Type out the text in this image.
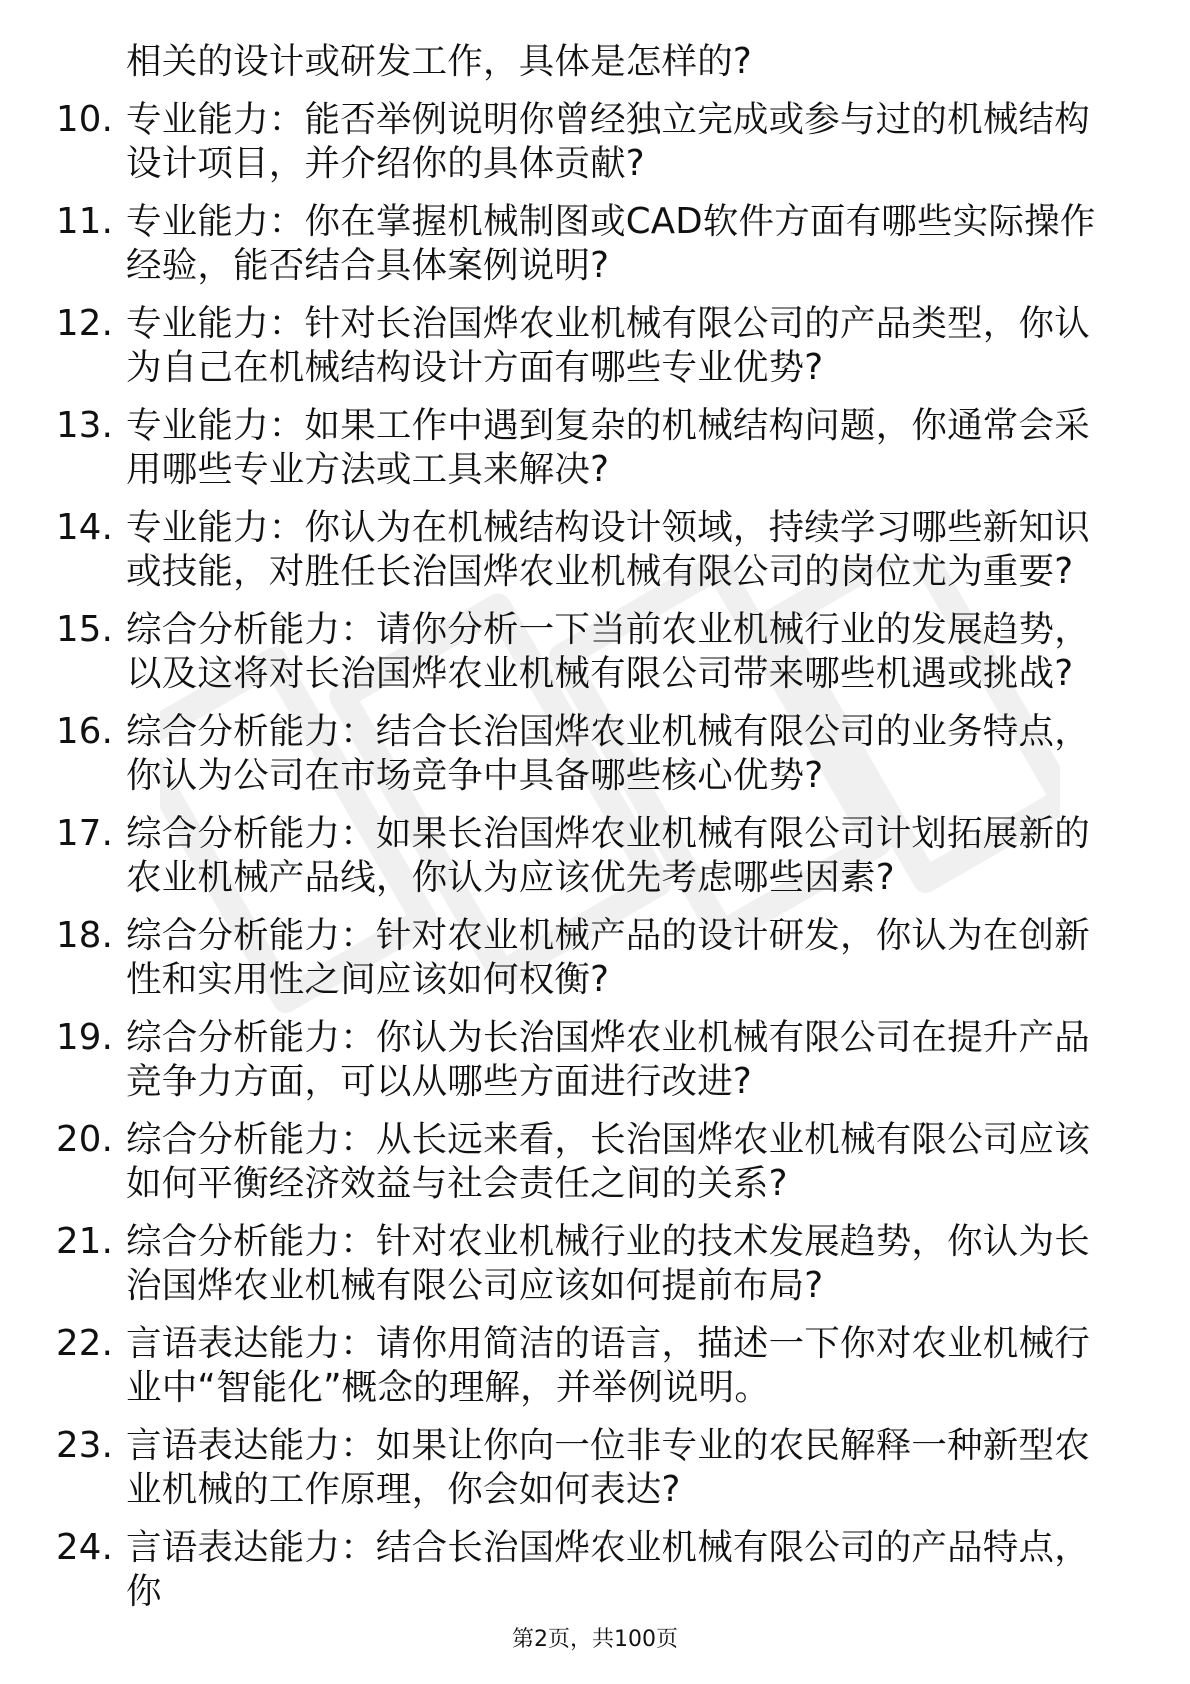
相关的设计或研发工作，具体是怎样的?
10. 专业能力：能否举例说明你曾经独立完成或参与过的机械结构设计项目，并介绍你的具体贡献?
11. 专业能力：你在掌握机械制图或CAD软件方面有哪些实际操作经验，能否结合具体案例说明?
12. 专业能力：针对长治国烨农业机械有限公司的产品类型，你认为自己在机械结构设计方面有哪些专业优势?
13. 专业能力：如果工作中遇到复杂的机械结构问题，你通常会采用哪些专业方法或工具来解决?
14. 专业能力：你认为在机械结构设计领域，持续学习哪些新知识或技能，对胜任长治国烨农业机械有限公司的岗位尤为重要?
15. 综合分析能力：请你分析一下当前农业机械行业的发展趋势，以及这将对长治国烨农业机械有限公司带来哪些机遇或挑战?
16. 综合分析能力：结合长治国烨农业机械有限公司的业务特点，你认为公司在市场竞争中具备哪些核心优势?
17. 综合分析能力：如果长治国烨农业机械有限公司计划拓展新的农业机械产品线，你认为应该优先考虑哪些因素?
18. 综合分析能力：针对农业机械产品的设计研发，你认为在创新性和实用性之间应该如何权衡?
19. 综合分析能力：你认为长治国烨农业机械有限公司在提升产品竞争力方面，可以从哪些方面进行改进?
20. 综合分析能力：从长远来看，长治国烨农业机械有限公司应该如何平衡经济效益与社会责任之间的关系?
21. 综合分析能力：针对农业机械行业的技术发展趋势，你认为长治国烨农业机械有限公司应该如何提前布局?
22. 言语表达能力：请你用简洁的语言，描述一下你对农业机械行业中“智能化”概念的理解，并举例说明。
23. 言语表达能力：如果让你向一位非专业的农民解释一种新型农业机械的工作原理，你会如何表达?
24. 言语表达能力：结合长治国烨农业机械有限公司的产品特点，你
第2页，共100页
